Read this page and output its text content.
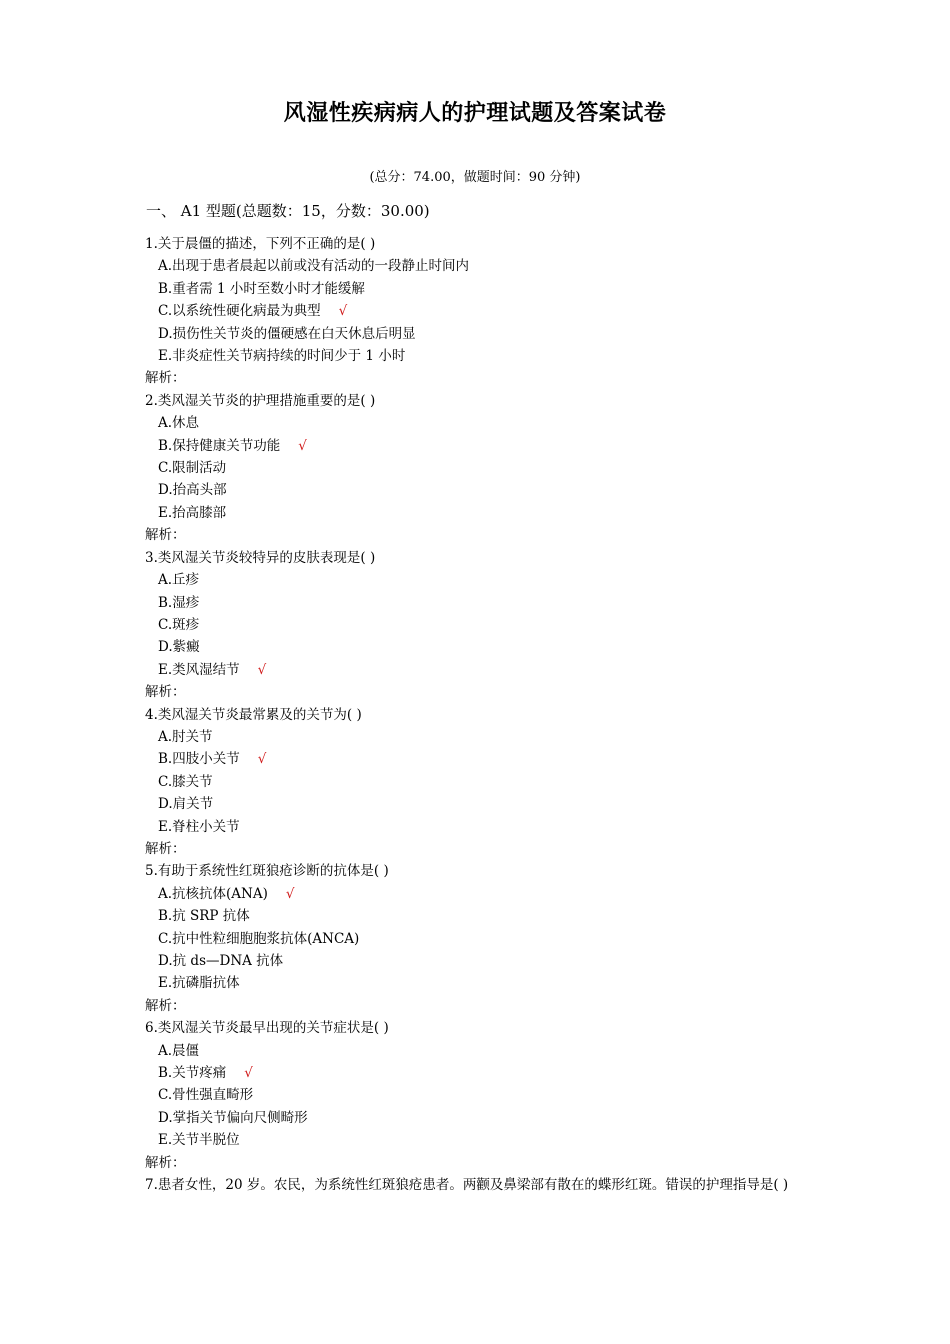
风湿性疾病病人的护理试题及答案试卷
(总分：74.00，做题时间：90 分钟)
一、 A1 型题(总题数：15，分数：30.00)
1.关于晨僵的描述，下列不正确的是( )
A.出现于患者晨起以前或没有活动的一段静止时间内
B.重者需 1 小时至数小时才能缓解
C.以系统性硬化病最为典型 √
D.损伤性关节炎的僵硬感在白天休息后明显
E.非炎症性关节病持续的时间少于 1 小时
解析：
2.类风湿关节炎的护理措施重要的是( )
A.休息
B.保持健康关节功能 √
C.限制活动
D.抬高头部
E.抬高膝部
解析：
3.类风湿关节炎较特异的皮肤表现是( )
A.丘疹
B.湿疹
C.斑疹
D.紫癜
E.类风湿结节 √
解析：
4.类风湿关节炎最常累及的关节为( )
A.肘关节
B.四肢小关节 √
C.膝关节
D.肩关节
E.脊柱小关节
解析：
5.有助于系统性红斑狼疮诊断的抗体是( )
A.抗核抗体(ANA) √
B.抗 SRP 抗体
C.抗中性粒细胞胞浆抗体(ANCA)
D.抗 ds—DNA 抗体
E.抗磷脂抗体
解析：
6.类风湿关节炎最早出现的关节症状是( )
A.晨僵
B.关节疼痛 √
C.骨性强直畸形
D.掌指关节偏向尺侧畸形
E.关节半脱位
解析：
7.患者女性，20 岁。农民，为系统性红斑狼疮患者。两颧及鼻梁部有散在的蝶形红斑。错误的护理指导是( )
